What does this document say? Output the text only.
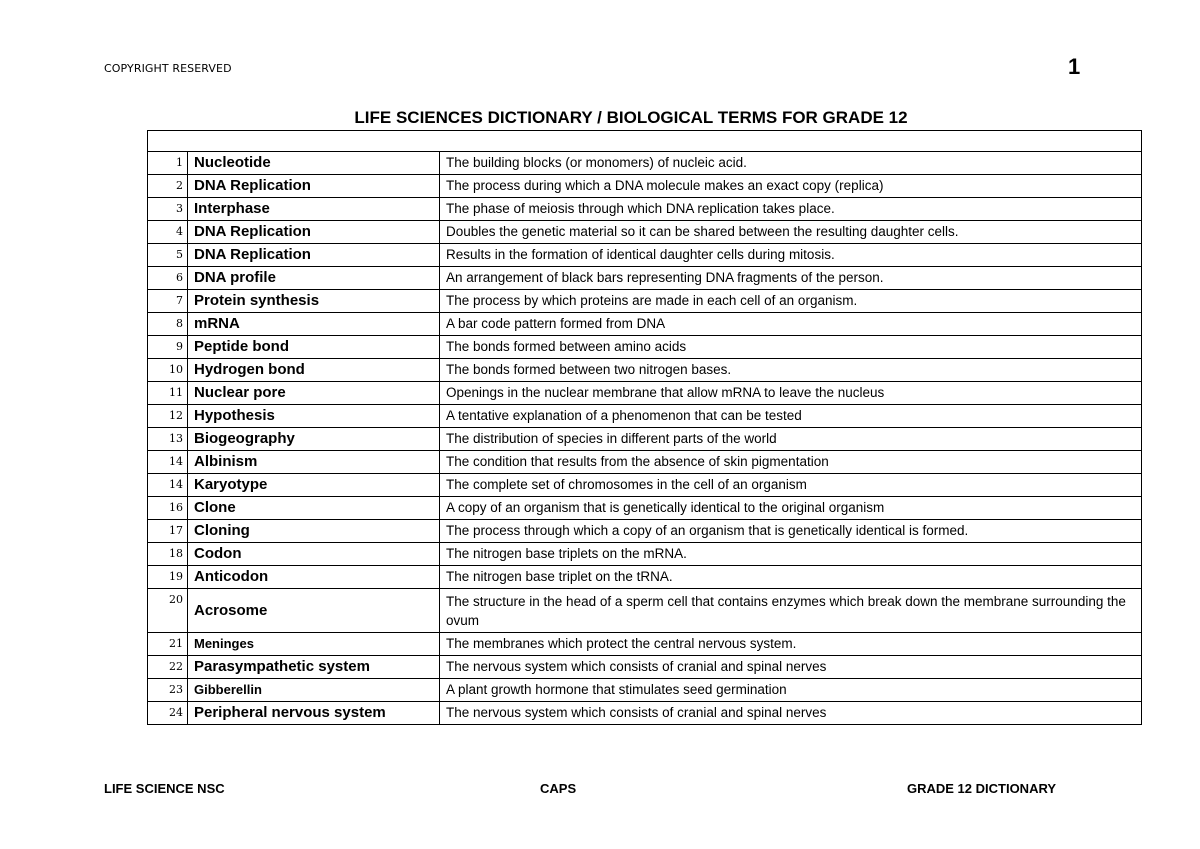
COPYRIGHT RESERVED	1
LIFE SCIENCES DICTIONARY / BIOLOGICAL TERMS FOR GRADE 12

1	Nucleotide	The building blocks (or monomers) of nucleic acid.
2	DNA Replication	The process during which a DNA molecule makes an exact copy (replica)
3	Interphase	The phase of meiosis through which DNA replication takes place.
4	DNA Replication	Doubles the genetic material so it can be shared between the resulting daughter cells.
5	DNA Replication	Results in the formation of identical daughter cells during mitosis.
6	DNA profile	An arrangement of black bars representing DNA fragments of the person.
7	Protein synthesis	The process by which proteins are made in each cell of an organism.
8	mRNA	A bar code pattern formed from DNA
9	Peptide bond	The bonds formed between amino acids
10	Hydrogen bond	The bonds formed between two nitrogen bases.
11	Nuclear pore	Openings in the nuclear membrane that allow mRNA to leave the nucleus
12	Hypothesis	A tentative explanation of a phenomenon that can be tested
13	Biogeography	The distribution of species in different parts of the world
14	Albinism	The condition that results from the absence of skin pigmentation
14	Karyotype	The complete set of chromosomes in the cell of an organism
16	Clone	A copy of an organism that is genetically identical to the original organism
17	Cloning	The process through which a copy of an organism that is genetically identical is formed.
18	Codon	The nitrogen base triplets on the mRNA.
19	Anticodon	The nitrogen base triplet on the tRNA.
20	Acrosome	The structure in the head of a sperm cell that contains enzymes which break down the membrane surrounding the ovum
21	Meninges	The membranes which protect the central nervous system.
22	Parasympathetic system	The nervous system which consists of cranial and spinal nerves
23	Gibberellin	A plant growth hormone that stimulates seed germination
24	Peripheral nervous system	The nervous system which consists of cranial and spinal nerves
LIFE SCIENCE NSC	CAPS	GRADE 12 DICTIONARY
